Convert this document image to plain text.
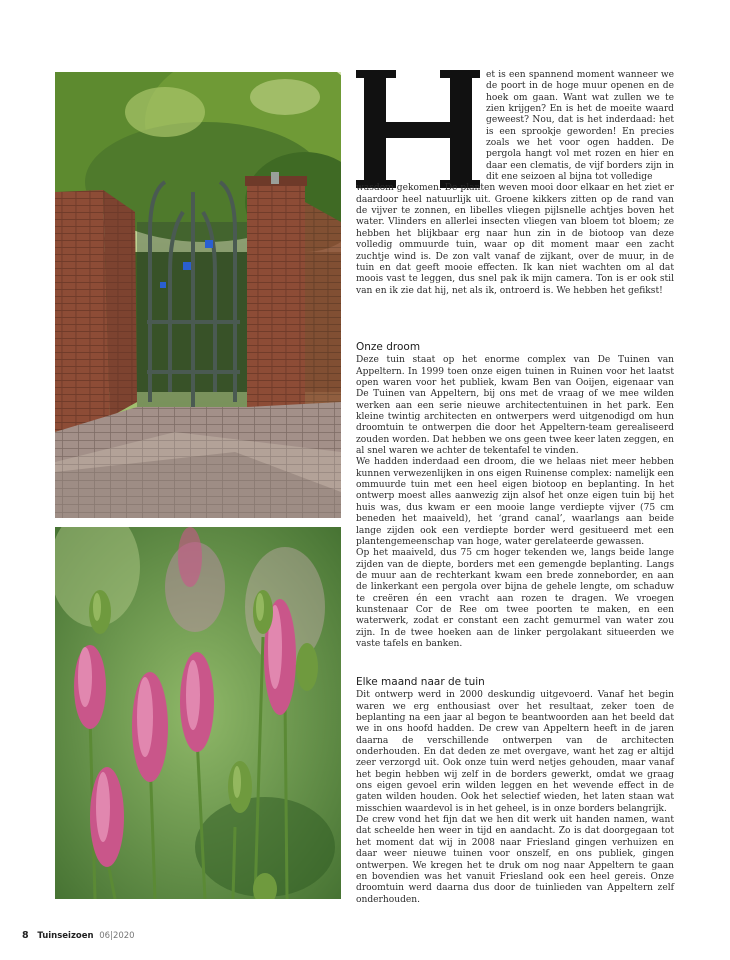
H

et is een spannend moment wanneer we de poort in de hoge muur openen en de hoek om gaan. Want wat zullen we te zien krijgen? En is het de moeite waard geweest? Nou, dat is het inderdaad: het is een sprookje geworden! En precies zoals we het voor ogen hadden. De pergola hangt vol met rozen en hier en daar een clematis, de vijf borders zijn in dit ene seizoen al bijna tot volledige

wasdom gekomen. De planten weven mooi door elkaar en het ziet er daardoor heel natuurlijk uit. Groene kikkers zitten op de rand van de vijver te zonnen, en libelles vliegen pijlsnelle achtjes boven het water. Vlinders en allerlei insecten vliegen van bloem tot bloem; ze hebben het blijkbaar erg naar hun zin in de biotoop van deze volledig ommuurde tuin, waar op dit moment maar een zacht zuchtje wind is. De zon valt vanaf de zijkant, over de muur, in de tuin en dat geeft mooie effecten. Ik kan niet wachten om al dat moois vast te leggen, dus snel pak ik mijn camera. Ton is er ook stil van en ik zie dat hij, net als ik, ontroerd is. We hebben het gefikst!

Onze droom

Deze tuin staat op het enorme complex van De Tuinen van Appeltern. In 1999 toen onze eigen tuinen in Ruinen voor het laatst open waren voor het publiek, kwam Ben van Ooijen, eigenaar van De Tuinen van Appeltern, bij ons met de vraag of we mee wilden werken aan een serie nieuwe architectentuinen in het park. Een kleine twintig architecten en ontwerpers werd uitgenodigd om hun droomtuin te ontwerpen die door het Appeltern-team gerealiseerd zouden worden. Dat hebben we ons geen twee keer laten zeggen, en al snel waren we achter de tekentafel te vinden.

We hadden inderdaad een droom, die we helaas niet meer hebben kunnen verwezenlijken in ons eigen Ruinense complex: namelijk een ommuurde tuin met een heel eigen biotoop en beplanting. In het ontwerp moest alles aanwezig zijn alsof het onze eigen tuin bij het huis was, dus kwam er een mooie lange verdiepte vijver (75 cm beneden het maaiveld), het ‘grand canal’, waarlangs aan beide lange zijden ook een verdiepte border werd gesitueerd met een plantengemeenschap van hoge, water gerelateerde gewassen.

Op het maaiveld, dus 75 cm hoger tekenden we, langs beide lange zijden van de diepte, borders met een gemengde beplanting. Langs de muur aan de rechterkant kwam een brede zonneborder, en aan de linkerkant een pergola over bijna de gehele lengte, om schaduw te creëren én een vracht aan rozen te dragen. We vroegen kunstenaar Cor de Ree om twee poorten te maken, en een waterwerk, zodat er constant een zacht gemurmel van water zou zijn. In de twee hoeken aan de linker pergolakant situeerden we vaste tafels en banken.

Elke maand naar de tuin

Dit ontwerp werd in 2000 deskundig uitgevoerd. Vanaf het begin waren we erg enthousiast over het resultaat, zeker toen de beplanting na een jaar al begon te beantwoorden aan het beeld dat we in ons hoofd hadden. De crew van Appeltern heeft in de jaren daarna de verschillende ontwerpen van de architecten onderhouden. En dat deden ze met overgave, want het zag er altijd zeer verzorgd uit. Ook onze tuin werd netjes gehouden, maar vanaf het begin hebben wij zelf in de borders gewerkt, omdat we graag ons eigen gevoel erin wilden leggen en het wevende effect in de gaten wilden houden. Ook het selectief wieden, het laten staan wat misschien waardevol is in het geheel, is in onze borders belangrijk.

De crew vond het fijn dat we hen dit werk uit handen namen, want dat scheelde hen weer in tijd en aandacht. Zo is dat doorgegaan tot het moment dat wij in 2008 naar Friesland gingen verhuizen en daar weer nieuwe tuinen voor onszelf, en ons publiek, gingen ontwerpen. We kregen het te druk om nog naar Appeltern te gaan en bovendien was het vanuit Friesland ook een heel gereis. Onze droomtuin werd daarna dus door de tuinlieden van Appeltern zelf onderhouden.

8 Tuinseizoen 06|2020
